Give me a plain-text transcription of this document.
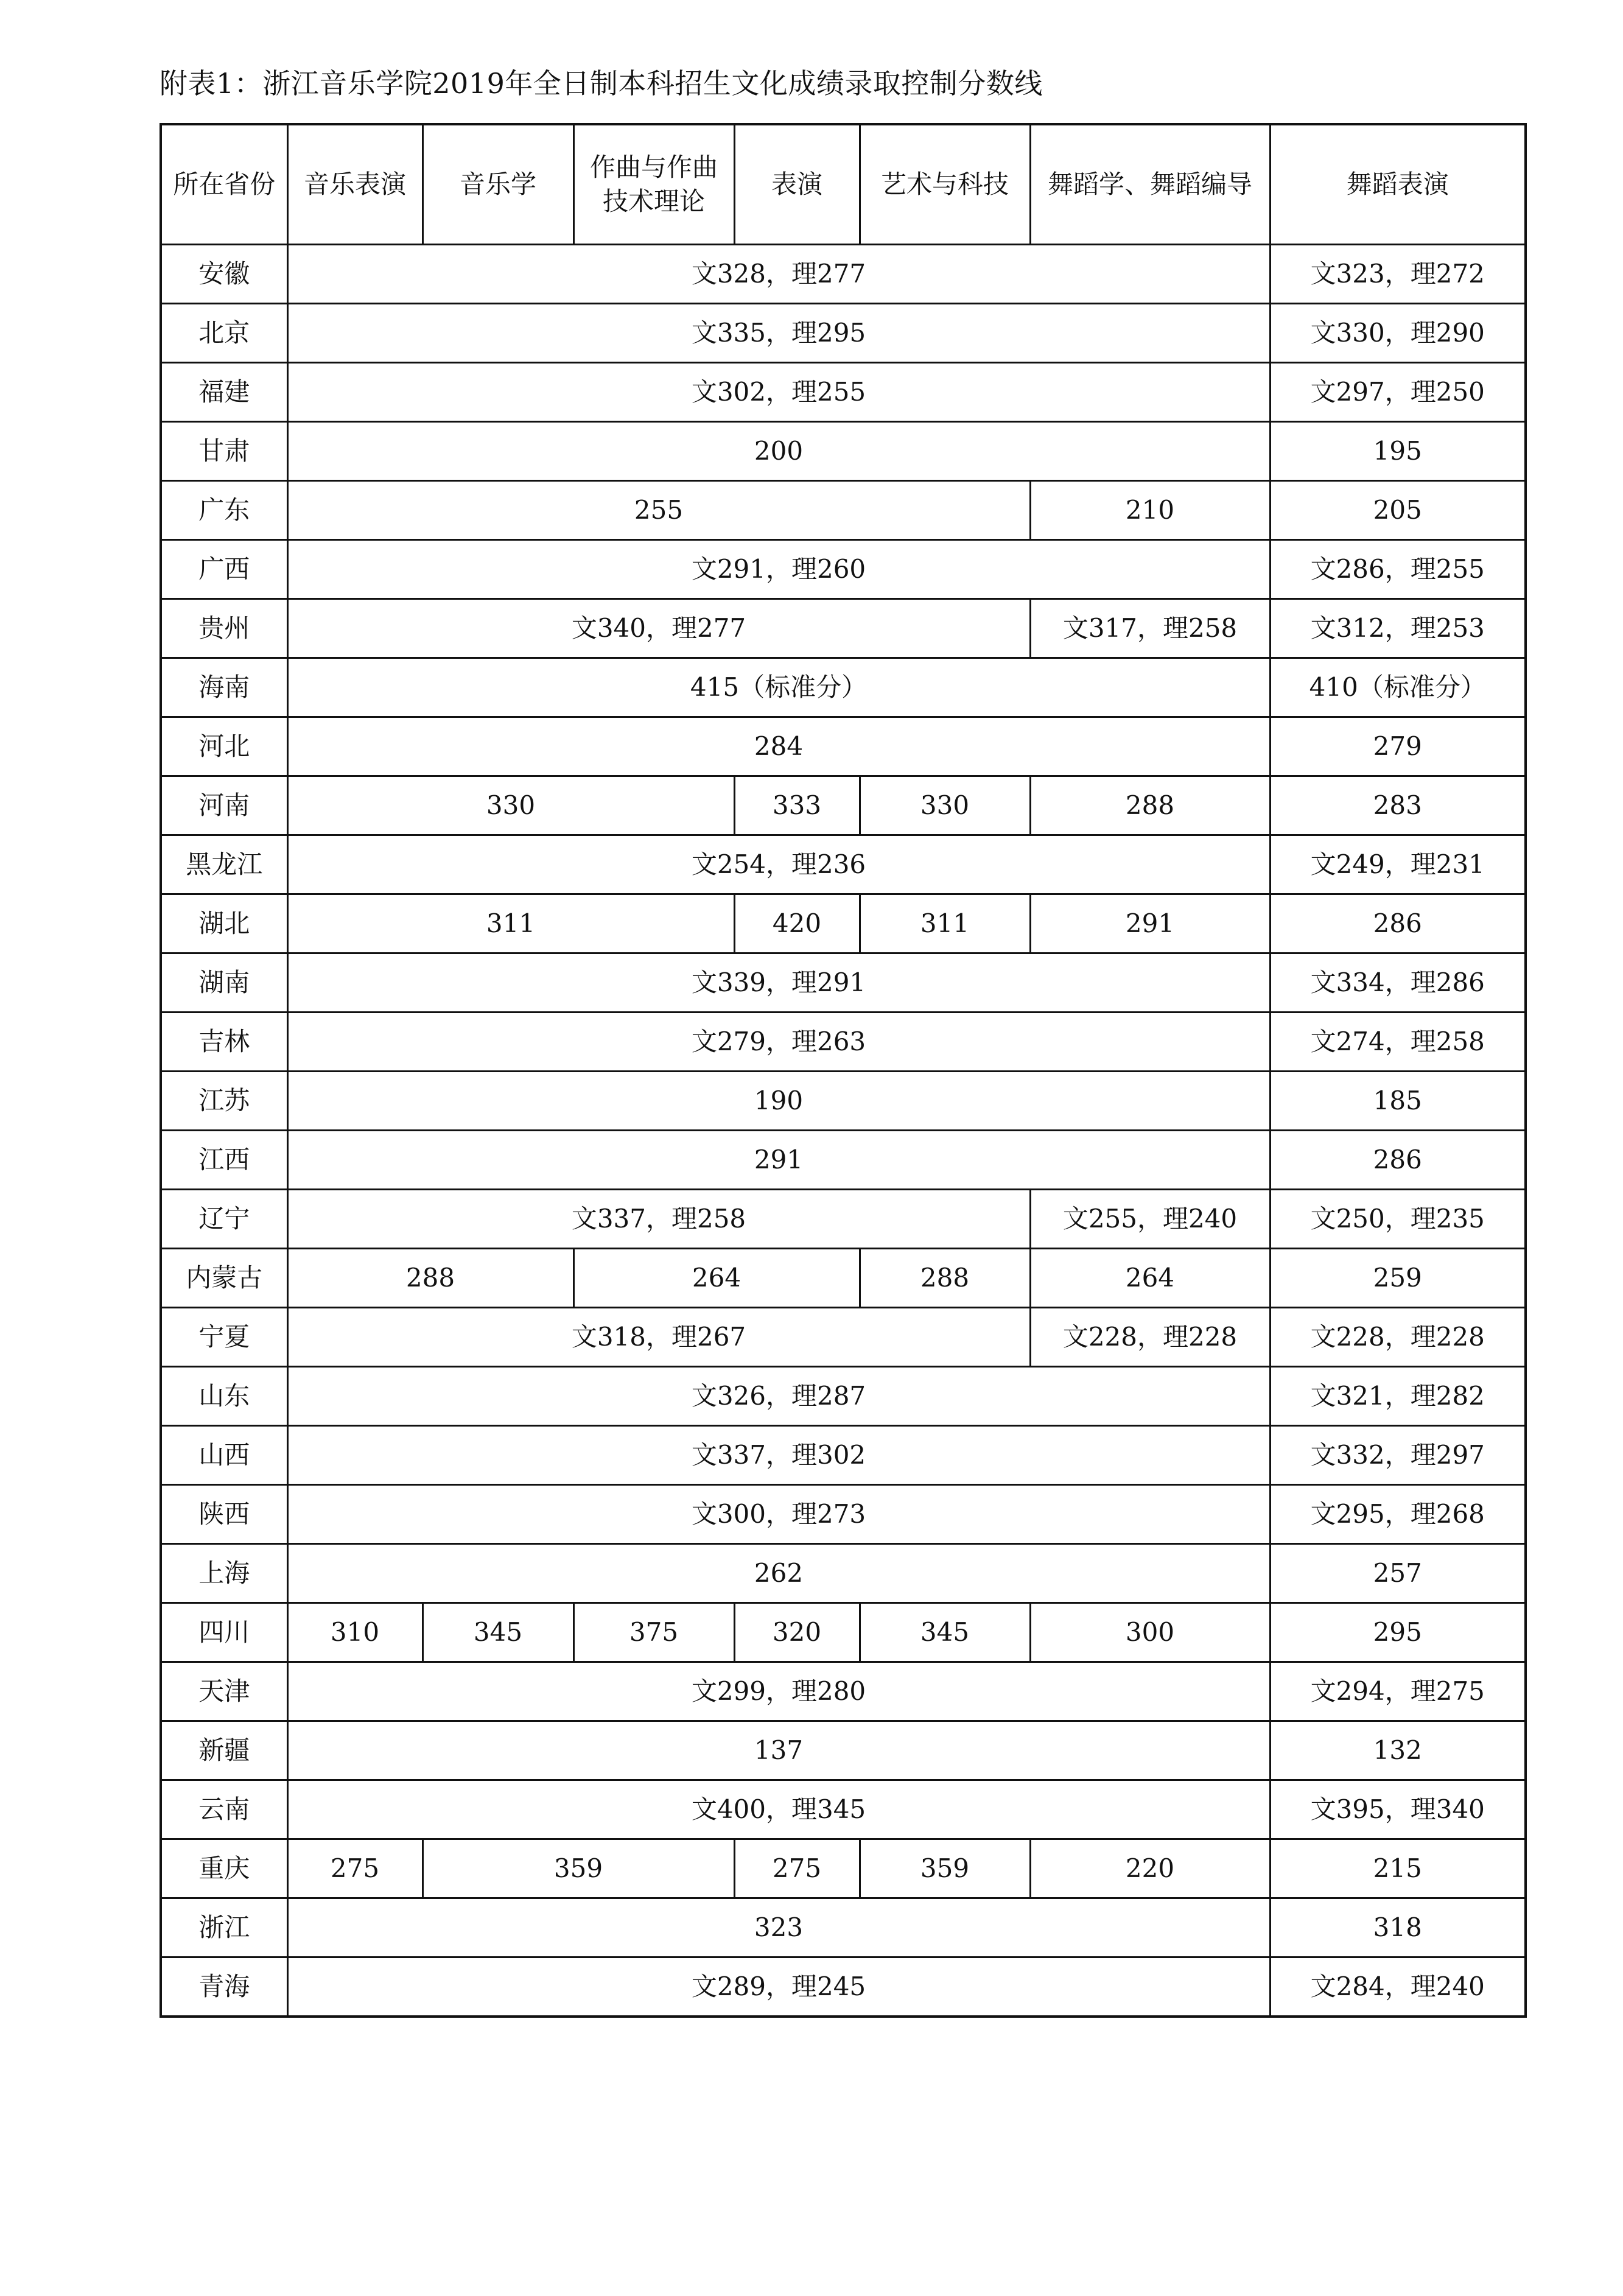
附表1：浙江音乐学院2019年全日制本科招生文化成绩录取控制分数线
所在省份	音乐表演	音乐学	作曲与作曲技术理论	表演	艺术与科技	舞蹈学、舞蹈编导	舞蹈表演
安徽	文328，理277						文323，理272
北京	文335，理295						文330，理290
福建	文302，理255						文297，理250
甘肃	200						195
广东	255					210	205
广西	文291，理260						文286，理255
贵州	文340，理277					文317，理258	文312，理253
海南	415（标准分）						410（标准分）
河北	284						279
河南	330			333	330	288	283
黑龙江	文254，理236						文249，理231
湖北	311			420	311	291	286
湖南	文339，理291						文334，理286
吉林	文279，理263						文274，理258
江苏	190						185
江西	291						286
辽宁	文337，理258					文255，理240	文250，理235
内蒙古	288		264		288	264	259
宁夏	文318，理267					文228，理228	文228，理228
山东	文326，理287						文321，理282
山西	文337，理302						文332，理297
陕西	文300，理273						文295，理268
上海	262						257
四川	310	345	375	320	345	300	295
天津	文299，理280						文294，理275
新疆	137						132
云南	文400，理345						文395，理340
重庆	275	359		275	359	220	215
浙江	323						318
青海	文289，理245						文284，理240
